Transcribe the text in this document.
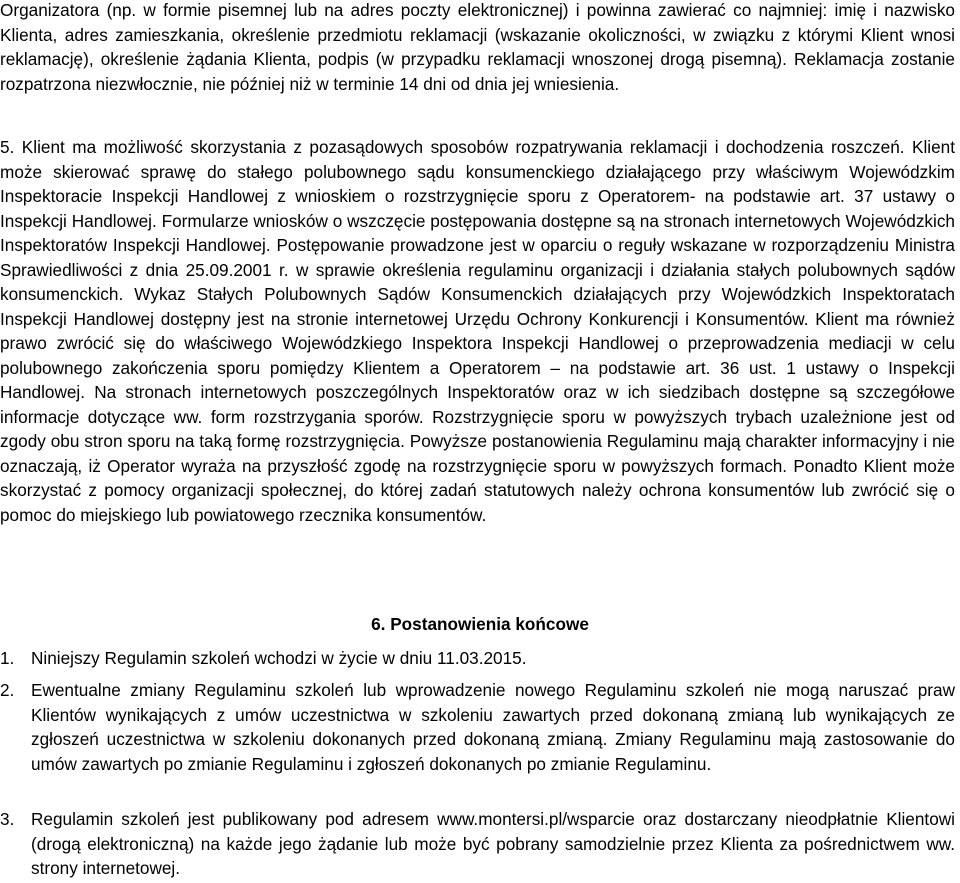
Organizatora (np. w formie pisemnej lub na adres poczty elektronicznej) i powinna zawierać co najmniej: imię i nazwisko Klienta, adres zamieszkania, określenie przedmiotu reklamacji (wskazanie okoliczności, w związku z którymi Klient wnosi reklamację), określenie żądania Klienta, podpis (w przypadku reklamacji wnoszonej drogą pisemną). Reklamacja zostanie rozpatrzona niezwłocznie, nie później niż w terminie 14 dni od dnia jej wniesienia.

5. Klient ma możliwość skorzystania z pozasądowych sposobów rozpatrywania reklamacji i dochodzenia roszczeń. Klient może skierować sprawę do stałego polubownego sądu konsumenckiego działającego przy właściwym Wojewódzkim Inspektoracie Inspekcji Handlowej z wnioskiem o rozstrzygnięcie sporu z Operatorem- na podstawie art. 37 ustawy o Inspekcji Handlowej. Formularze wniosków o wszczęcie postępowania dostępne są na stronach internetowych Wojewódzkich Inspektoratów Inspekcji Handlowej. Postępowanie prowadzone jest w oparciu o reguły wskazane w rozporządzeniu Ministra Sprawiedliwości z dnia 25.09.2001 r. w sprawie określenia regulaminu organizacji i działania stałych polubownych sądów konsumenckich. Wykaz Stałych Polubownych Sądów Konsumenckich działających przy Wojewódzkich Inspektoratach Inspekcji Handlowej dostępny jest na stronie internetowej Urzędu Ochrony Konkurencji i Konsumentów. Klient ma również prawo zwrócić się do właściwego Wojewódzkiego Inspektora Inspekcji Handlowej o przeprowadzenia mediacji w celu polubownego zakończenia sporu pomiędzy Klientem a Operatorem – na podstawie art. 36 ust. 1 ustawy o Inspekcji Handlowej. Na stronach internetowych poszczególnych Inspektoratów oraz w ich siedzibach dostępne są szczegółowe informacje dotyczące ww. form rozstrzygania sporów. Rozstrzygnięcie sporu w powyższych trybach uzależnione jest od zgody obu stron sporu na taką formę rozstrzygnięcia. Powyższe postanowienia Regulaminu mają charakter informacyjny i nie oznaczają, iż Operator wyraża na przyszłość zgodę na rozstrzygnięcie sporu w powyższych formach. Ponadto Klient może skorzystać z pomocy organizacji społecznej, do której zadań statutowych należy ochrona konsumentów lub zwrócić się o pomoc do miejskiego lub powiatowego rzecznika konsumentów.

6. Postanowienia końcowe
1. Niniejszy Regulamin szkoleń wchodzi w życie w dniu 11.03.2015.

2. Ewentualne zmiany Regulaminu szkoleń lub wprowadzenie nowego Regulaminu szkoleń nie mogą naruszać praw Klientów wynikających z umów uczestnictwa w szkoleniu zawartych przed dokonaną zmianą lub wynikających ze zgłoszeń uczestnictwa w szkoleniu dokonanych przed dokonaną zmianą. Zmiany Regulaminu mają zastosowanie do umów zawartych po zmianie Regulaminu i zgłoszeń dokonanych po zmianie Regulaminu.

3. Regulamin szkoleń jest publikowany pod adresem www.montersi.pl/wsparcie oraz dostarczany nieodpłatnie Klientowi (drogą elektroniczną) na każde jego żądanie lub może być pobrany samodzielnie przez Klienta za pośrednictwem ww. strony internetowej.
